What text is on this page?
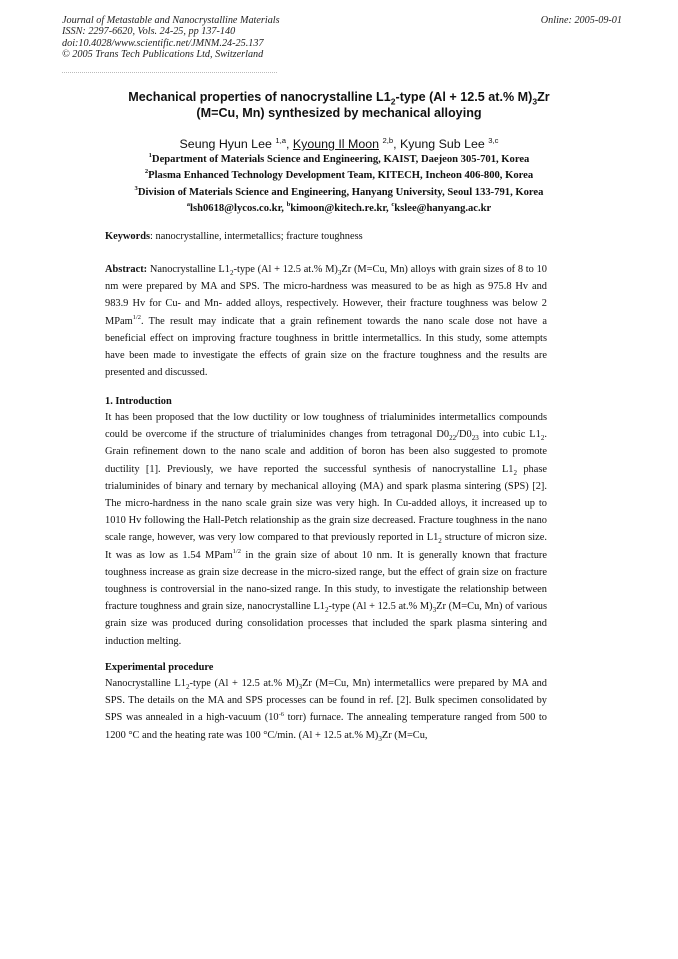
Journal of Metastable and Nanocrystalline Materials
ISSN: 2297-6620, Vols. 24-25, pp 137-140
doi:10.4028/www.scientific.net/JMNM.24-25.137
© 2005 Trans Tech Publications Ltd, Switzerland
Online: 2005-09-01
Mechanical properties of nanocrystalline $L1_2$-type (Al + 12.5 at.% $M)_3Zr$
(M=Cu, Mn) synthesized by mechanical alloying
Seung Hyun Lee $^{1,a}$, Kyoung Il Moon $^{2,b}$, Kyung Sub Lee $^{3,c}$
$^1$Department of Materials Science and Engineering, KAIST, Daejeon 305-701, Korea
$^2$Plasma Enhanced Technology Development Team, KITECH, Incheon 406-800, Korea
$^3$Division of Materials Science and Engineering, Hanyang University, Seoul 133-791, Korea
$^a$lsh0618@lycos.co.kr, $^b$kimoon@kitech.re.kr, $^c$kslee@hanyang.ac.kr
Keywords: nanocrystalline, intermetallics; fracture toughness
Abstract: Nanocrystalline $L1_2$-type (Al + 12.5 at.% $M)_3Zr$ (M=Cu, Mn) alloys with grain sizes of 8 to 10 nm were prepared by MA and SPS. The micro-hardness was measured to be as high as 975.8 Hv and 983.9 Hv for Cu- and Mn- added alloys, respectively. However, their fracture toughness was below 2 MPam$^{1/2}$. The result may indicate that a grain refinement towards the nano scale dose not have a beneficial effect on improving fracture toughness in brittle intermetallics. In this study, some attempts have been made to investigate the effects of grain size on the fracture toughness and the results are presented and discussed.
1. Introduction
It has been proposed that the low ductility or low toughness of trialuminides intermetallics compounds could be overcome if the structure of trialuminides changes from tetragonal $D0_{22}/D0_{23}$ into cubic $L1_2$. Grain refinement down to the nano scale and addition of boron has been also suggested to promote ductility [1]. Previously, we have reported the successful synthesis of nanocrystalline $L1_2$ phase trialuminides of binary and ternary by mechanical alloying (MA) and spark plasma sintering (SPS) [2]. The micro-hardness in the nano scale grain size was very high. In Cu-added alloys, it increased up to 1010 Hv following the Hall-Petch relationship as the grain size decreased. Fracture toughness in the nano scale range, however, was very low compared to that previously reported in $L1_2$ structure of micron size. It was as low as 1.54 MPam$^{1/2}$ in the grain size of about 10 nm. It is generally known that fracture toughness increase as grain size decrease in the micro-sized range, but the effect of grain size on fracture toughness is controversial in the nano-sized range. In this study, to investigate the relationship between fracture toughness and grain size, nanocrystalline $L1_2$-type (Al + 12.5 at.% $M)_3Zr$ (M=Cu, Mn) of various grain size was produced during consolidation processes that included the spark plasma sintering and induction melting.
Experimental procedure
Nanocrystalline $L1_2$-type (Al + 12.5 at.% $M)_3Zr$ (M=Cu, Mn) intermetallics were prepared by MA and SPS. The details on the MA and SPS processes can be found in ref. [2]. Bulk specimen consolidated by SPS was annealed in a high-vacuum ($10^{-6}$ torr) furnace. The annealing temperature ranged from 500 to 1200 °C and the heating rate was 100 °C/min. (Al + 12.5 at.% $M)_3Zr$ (M=Cu,
